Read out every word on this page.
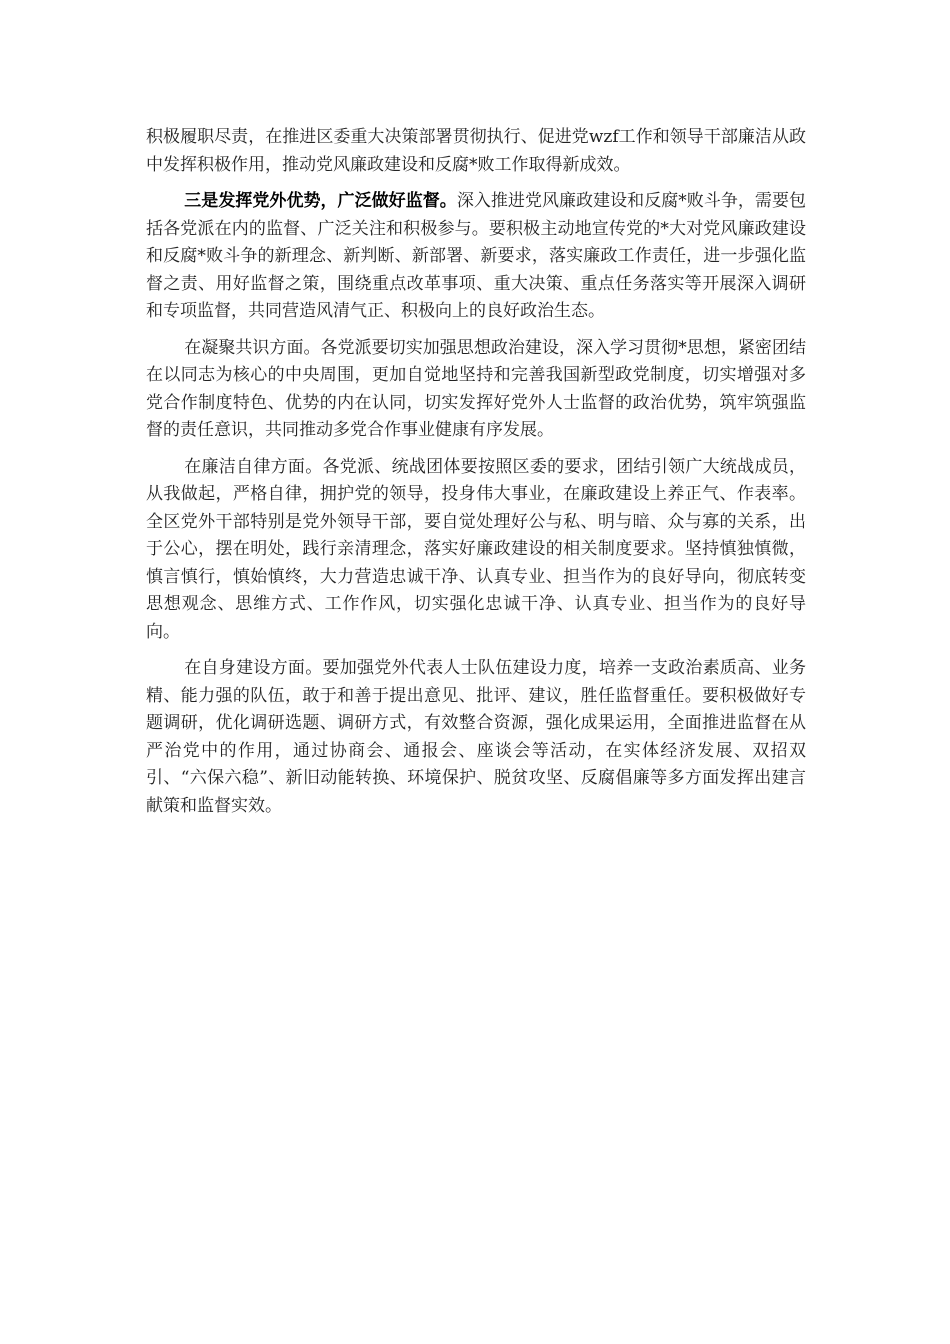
积极履职尽责，在推进区委重大决策部署贯彻执行、促进党wzf工作和领导干部廉洁从政中发挥积极作用，推动党风廉政建设和反腐*败工作取得新成效。

三是发挥党外优势，广泛做好监督。深入推进党风廉政建设和反腐*败斗争，需要包括各党派在内的监督、广泛关注和积极参与。要积极主动地宣传党的*大对党风廉政建设和反腐*败斗争的新理念、新判断、新部署、新要求，落实廉政工作责任，进一步强化监督之责、用好监督之策，围绕重点改革事项、重大决策、重点任务落实等开展深入调研和专项监督，共同营造风清气正、积极向上的良好政治生态。

在凝聚共识方面。各党派要切实加强思想政治建设，深入学习贯彻*思想，紧密团结在以同志为核心的中央周围，更加自觉地坚持和完善我国新型政党制度，切实增强对多党合作制度特色、优势的内在认同，切实发挥好党外人士监督的政治优势，筑牢筑强监督的责任意识，共同推动多党合作事业健康有序发展。

在廉洁自律方面。各党派、统战团体要按照区委的要求，团结引领广大统战成员，从我做起，严格自律，拥护党的领导，投身伟大事业，在廉政建设上养正气、作表率。全区党外干部特别是党外领导干部，要自觉处理好公与私、明与暗、众与寡的关系，出于公心，摆在明处，践行亲清理念，落实好廉政建设的相关制度要求。坚持慎独慎微，慎言慎行，慎始慎终，大力营造忠诚干净、认真专业、担当作为的良好导向，彻底转变思想观念、思维方式、工作作风，切实强化忠诚干净、认真专业、担当作为的良好导向。

在自身建设方面。要加强党外代表人士队伍建设力度，培养一支政治素质高、业务精、能力强的队伍，敢于和善于提出意见、批评、建议，胜任监督重任。要积极做好专题调研，优化调研选题、调研方式，有效整合资源，强化成果运用，全面推进监督在从严治党中的作用，通过协商会、通报会、座谈会等活动，在实体经济发展、双招双引、“六保六稳”、新旧动能转换、环境保护、脱贫攻坚、反腐倡廉等多方面发挥出建言献策和监督实效。
